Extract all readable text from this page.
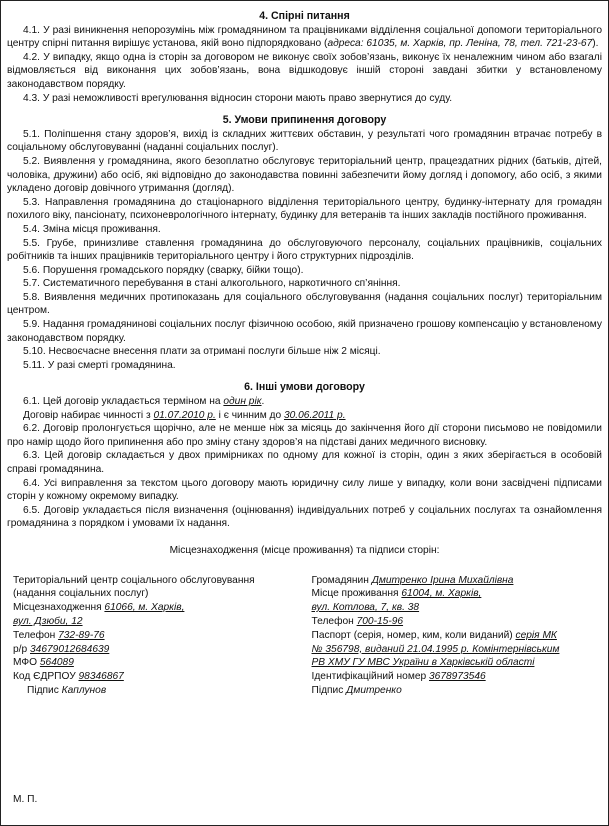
4. Спірні питання

4.1. У разі виникнення непорозумінь між громадянином та працівниками відділення соціальної допомоги територіального центру спірні питання вирішує установа, якій воно підпорядковано (адреса: 61035, м. Харків, пр. Леніна, 78, тел. 721-23-67).

4.2. У випадку, якщо одна із сторін за договором не виконує своїх зобов’язань, виконує їх неналежним чином або взагалі відмовляється від виконання цих зобов’язань, вона відшкодовує іншій стороні завдані збитки у встановленому законодавством порядку.

4.3. У разі неможливості врегулювання відносин сторони мають право звернутися до суду.

5. Умови припинення договору

5.1. Поліпшення стану здоров’я, вихід із складних життєвих обставин, у результаті чого громадянин втрачає потребу в соціальному обслуговуванні (наданні соціальних послуг).

5.2. Виявлення у громадянина, якого безоплатно обслуговує територіальний центр, працездатних рідних (батьків, дітей, чоловіка, дружини) або осіб, які відповідно до законодавства повинні забезпечити йому догляд і допомогу, або осіб, з якими укладено договір довічного утримання (догляд).

5.3. Направлення громадянина до стаціонарного відділення територіального центру, будинку-інтернату для громадян похилого віку, пансіонату, психоневрологічного інтернату, будинку для ветеранів та інших закладів постійного проживання.

5.4. Зміна місця проживання.

5.5. Грубе, принизливе ставлення громадянина до обслуговуючого персоналу, соціальних працівників, соціальних робітників та інших працівників територіального центру і його структурних підрозділів.

5.6. Порушення громадського порядку (сварку, бійки тощо).

5.7. Систематичного перебування в стані алкогольного, наркотичного сп’яніння.

5.8. Виявлення медичних протипоказань для соціального обслуговування (надання соціальних послуг) територіальним центром.

5.9. Надання громадянинові соціальних послуг фізичною особою, якій призначено грошову компенсацію у встановленому законодавством порядку.

5.10. Несвоєчасне внесення плати за отримані послуги більше ніж 2 місяці.

5.11. У разі смерті громадянина.

6. Інші умови договору

6.1. Цей договір укладається терміном на один рік.

Договір набирає чинності з 01.07.2010 р. і є чинним до 30.06.2011 р.

6.2. Договір пролонгується щорічно, але не менше ніж за місяць до закінчення його дії сторони письмово не повідомили про намір щодо його припинення або про зміну стану здоров’я на підставі даних медичного висновку.

6.3. Цей договір складається у двох примірниках по одному для кожної із сторін, один з яких зберігається в особовій справі громадянина.

6.4. Усі виправлення за текстом цього договору мають юридичну силу лише у випадку, коли вони засвідчені підписами сторін у кожному окремому випадку.

6.5. Договір укладається після визначення (оцінювання) індивідуальних потреб у соціальних послугах та ознайомлення громадянина з порядком і умовами їх надання.

Місцезнаходження (місце проживання) та підписи сторін:
Територіальний центр соціального обслуговування
(надання соціальних послуг)
Місцезнаходження 61066, м. Харків,
вул. Дзюби, 12
Телефон 732-89-76
р/р 34679012684639
МФО 564089
Код ЄДРПОУ 98346867
Підпис Каплунов
Громадянин Дмитренко Ірина Михайлівна
Місце проживання 61004, м. Харків,
вул. Котлова, 7, кв. 38
Телефон 700-15-96
Паспорт (серія, номер, ким, коли виданий) серія МК
№ 356798, виданий 21.04.1995 р. Комінтернівським
РВ ХМУ ГУ МВС України в Харківській області
Ідентифікаційний номер 3678973546
Підпис Дмитренко
М. П.
